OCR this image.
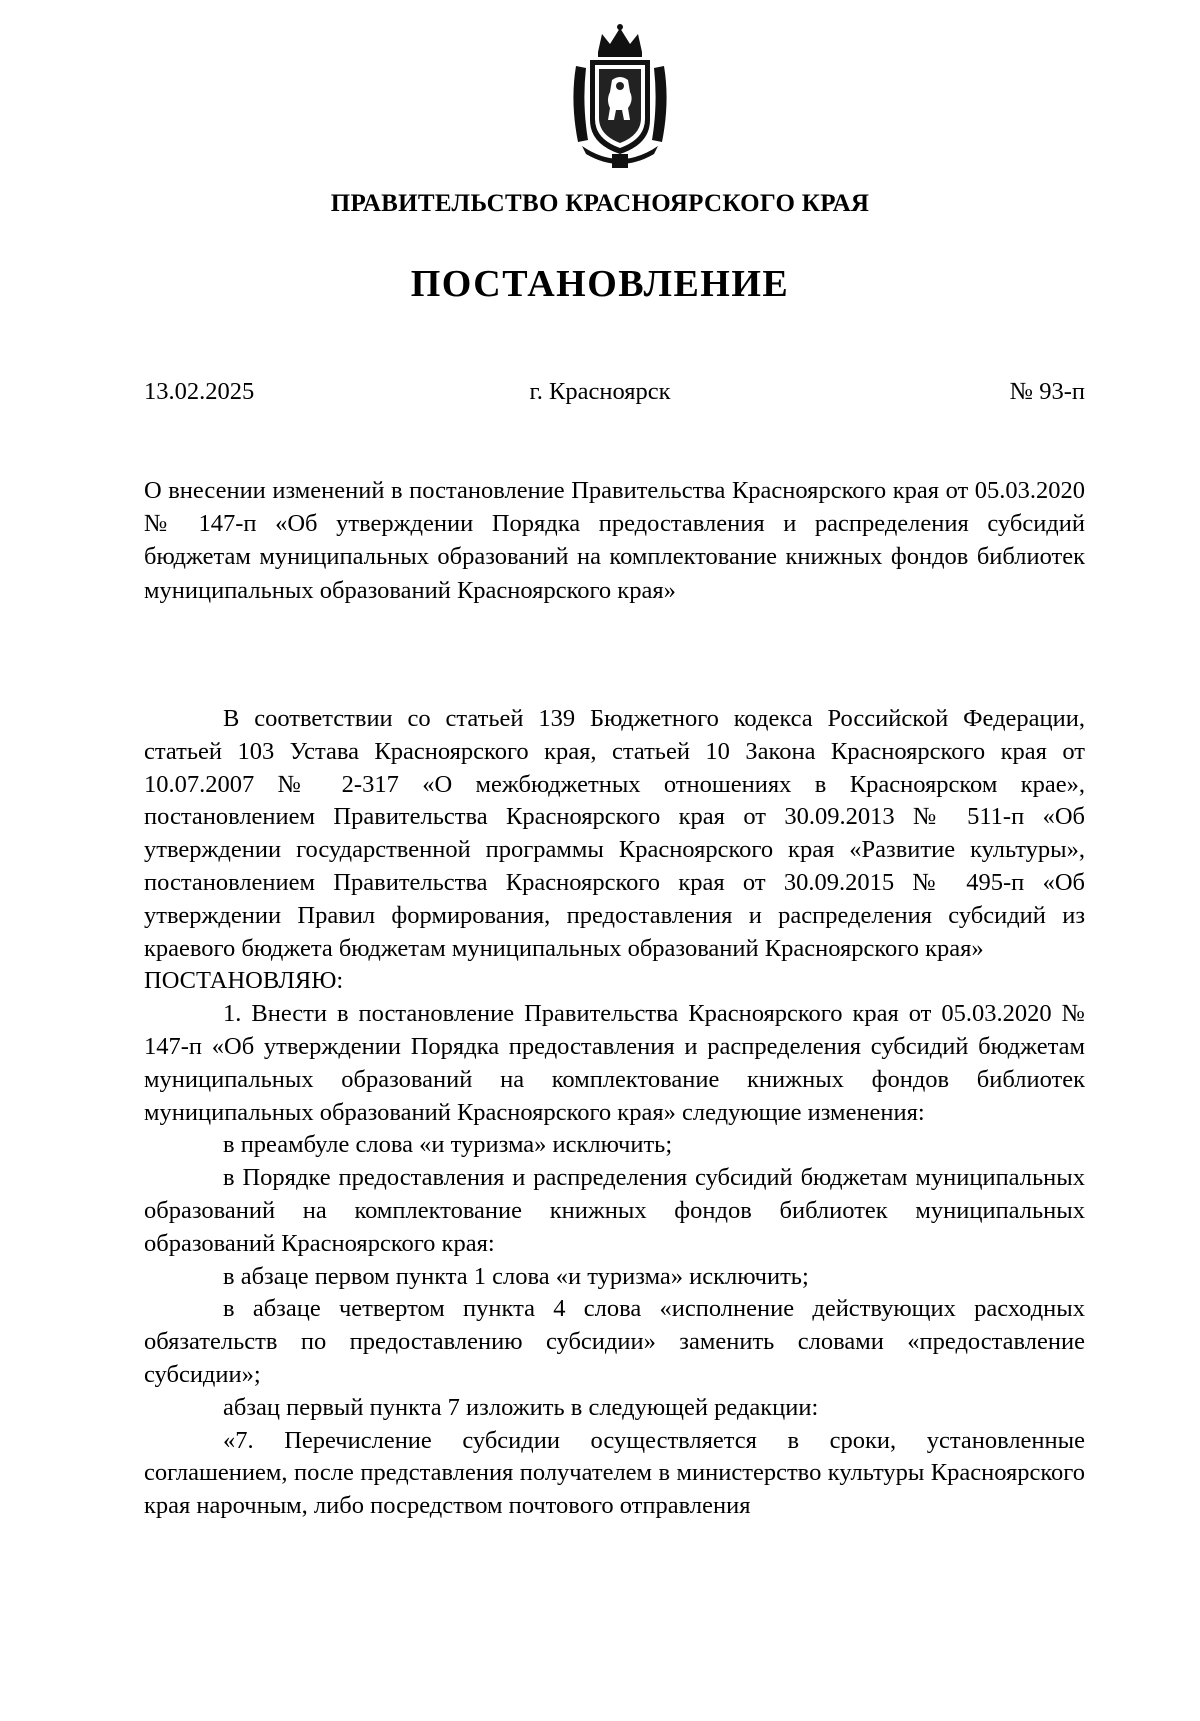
ПРАВИТЕЛЬСТВО КРАСНОЯРСКОГО КРАЯ
ПОСТАНОВЛЕНИЕ
13.02.2025	г. Красноярск	№ 93-п
О внесении изменений в постановление Правительства Красноярского края от 05.03.2020 № 147-п «Об утверждении Порядка предоставления и распределения субсидий бюджетам муниципальных образований на комплектование книжных фондов библиотек муниципальных образований Красноярского края»

В соответствии со статьей 139 Бюджетного кодекса Российской Федерации, статьей 103 Устава Красноярского края, статьей 10 Закона Красноярского края от 10.07.2007 № 2-317 «О межбюджетных отношениях в Красноярском крае», постановлением Правительства Красноярского края от 30.09.2013 № 511-п «Об утверждении государственной программы Красноярского края «Развитие культуры», постановлением Правительства Красноярского края от 30.09.2015 № 495-п «Об утверждении Правил формирования, предоставления и распределения субсидий из краевого бюджета бюджетам муниципальных образований Красноярского края»

ПОСТАНОВЛЯЮ:

1. Внести в постановление Правительства Красноярского края от 05.03.2020 № 147-п «Об утверждении Порядка предоставления и распределения субсидий бюджетам муниципальных образований на комплектование книжных фондов библиотек муниципальных образований Красноярского края» следующие изменения:

в преамбуле слова «и туризма» исключить;

в Порядке предоставления и распределения субсидий бюджетам муниципальных образований на комплектование книжных фондов библиотек муниципальных образований Красноярского края:

в абзаце первом пункта 1 слова «и туризма» исключить;

в абзаце четвертом пункта 4 слова «исполнение действующих расходных обязательств по предоставлению субсидии» заменить словами «предоставление субсидии»;

абзац первый пункта 7 изложить в следующей редакции:

«7. Перечисление субсидии осуществляется в сроки, установленные соглашением, после представления получателем в министерство культуры Красноярского края нарочным, либо посредством почтового отправления
